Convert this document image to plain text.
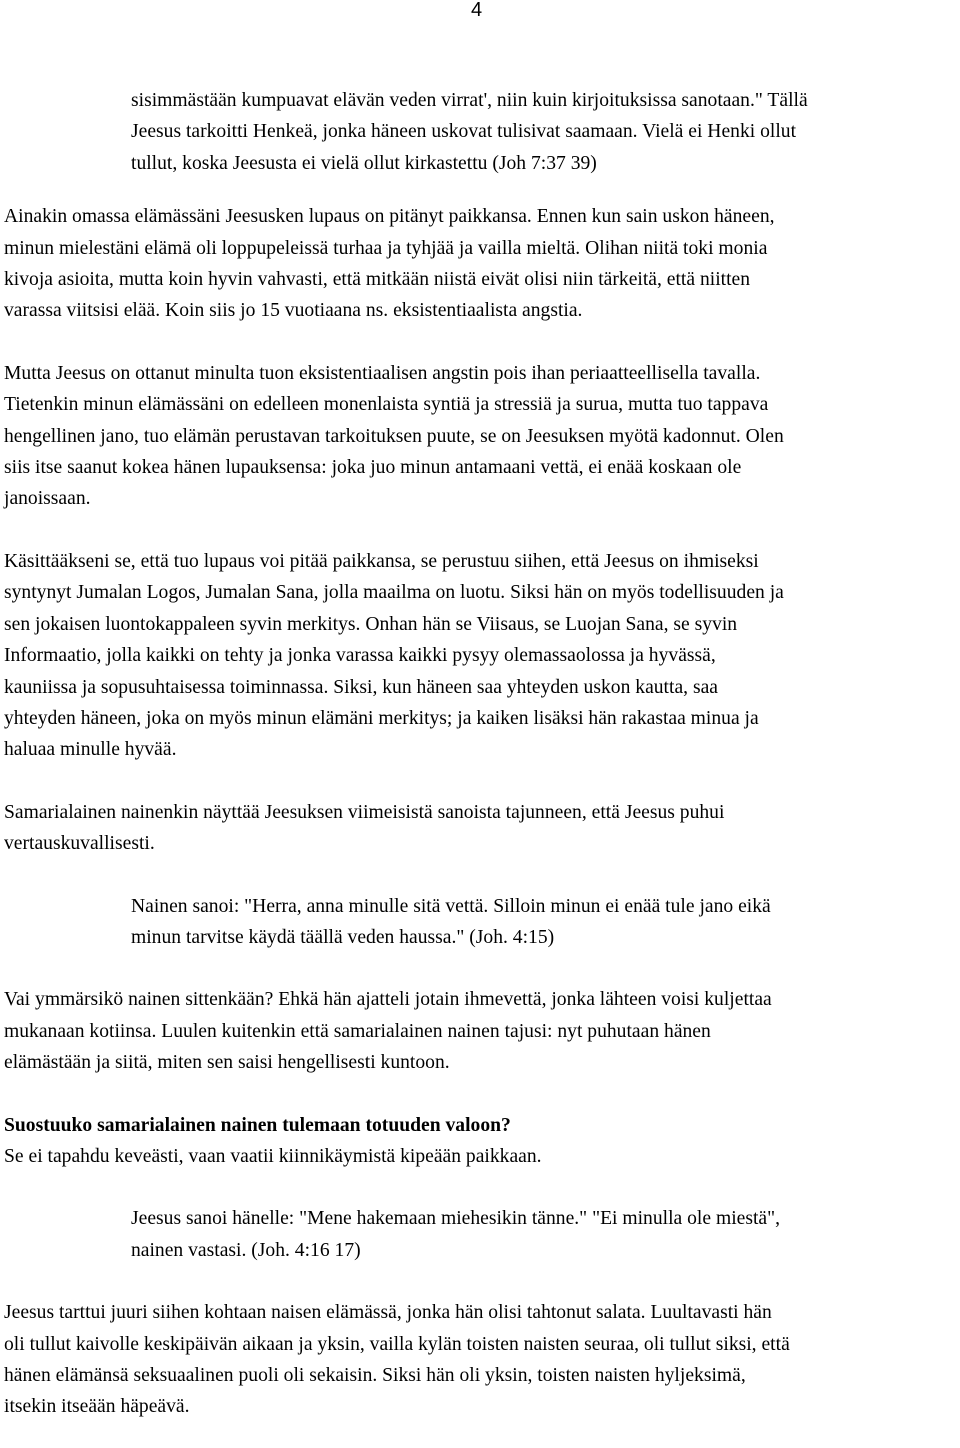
4

sisimmästään kumpuavat elävän veden virrat', niin kuin kirjoituksissa sanotaan." Tällä
Jeesus tarkoitti Henkeä, jonka häneen uskovat tulisivat saamaan. Vielä ei Henki ollut
tullut, koska Jeesusta ei vielä ollut kirkastettu (Joh 7:37 39)

Ainakin omassa elämässäni Jeesusken lupaus on pitänyt paikkansa. Ennen kun sain uskon häneen,
minun mielestäni elämä oli loppupeleissä turhaa ja tyhjää ja vailla mieltä. Olihan niitä toki monia
kivoja asioita, mutta koin hyvin vahvasti, että mitkään niistä eivät olisi niin tärkeitä, että niitten
varassa viitsisi elää. Koin siis jo 15 vuotiaana ns. eksistentiaalista angstia.

Mutta Jeesus on ottanut minulta tuon eksistentiaalisen angstin pois ihan periaatteellisella tavalla.
Tietenkin minun elämässäni on edelleen monenlaista syntiä ja stressiä ja surua, mutta tuo tappava
hengellinen jano, tuo elämän perustavan tarkoituksen puute, se on Jeesuksen myötä kadonnut. Olen
siis itse saanut kokea hänen lupauksensa: joka juo minun antamaani vettä, ei enää koskaan ole
janoissaan.

Käsittääkseni se, että tuo lupaus voi pitää paikkansa, se perustuu siihen, että Jeesus on ihmiseksi
syntynyt Jumalan Logos, Jumalan Sana, jolla maailma on luotu. Siksi hän on myös todellisuuden ja
sen jokaisen luontokappaleen syvin merkitys. Onhan hän se Viisaus, se Luojan Sana, se syvin
Informaatio, jolla kaikki on tehty ja jonka varassa kaikki pysyy olemassaolossa ja hyvässä,
kauniissa ja sopusuhtaisessa toiminnassa. Siksi, kun häneen saa yhteyden uskon kautta, saa
yhteyden häneen, joka on myös minun elämäni merkitys; ja kaiken lisäksi hän rakastaa minua ja
haluaa minulle hyvää.

Samarialainen nainenkin näyttää Jeesuksen viimeisistä sanoista tajunneen, että Jeesus puhui
vertauskuvallisesti.

Nainen sanoi: "Herra, anna minulle sitä vettä. Silloin minun ei enää tule jano eikä
minun tarvitse käydä täällä veden haussa." (Joh. 4:15)

Vai ymmärsikö nainen sittenkään? Ehkä hän ajatteli jotain ihmevettä, jonka lähteen voisi kuljettaa
mukanaan kotiinsa. Luulen kuitenkin että samarialainen nainen tajusi: nyt puhutaan hänen
elämästään ja siitä, miten sen saisi hengellisesti kuntoon.

Suostuuko samarialainen nainen tulemaan totuuden valoon?

Se ei tapahdu keveästi, vaan vaatii kiinnikäymistä kipeään paikkaan.

Jeesus sanoi hänelle: "Mene hakemaan miehesikin tänne." "Ei minulla ole miestä",
nainen vastasi. (Joh. 4:16 17)

Jeesus tarttui juuri siihen kohtaan naisen elämässä, jonka hän olisi tahtonut salata. Luultavasti hän
oli tullut kaivolle keskipäivän aikaan ja yksin, vailla kylän toisten naisten seuraa, oli tullut siksi, että
hänen elämänsä seksuaalinen puoli oli sekaisin. Siksi hän oli yksin, toisten naisten hyljeksimä,
itsekin itseään häpeävä.
